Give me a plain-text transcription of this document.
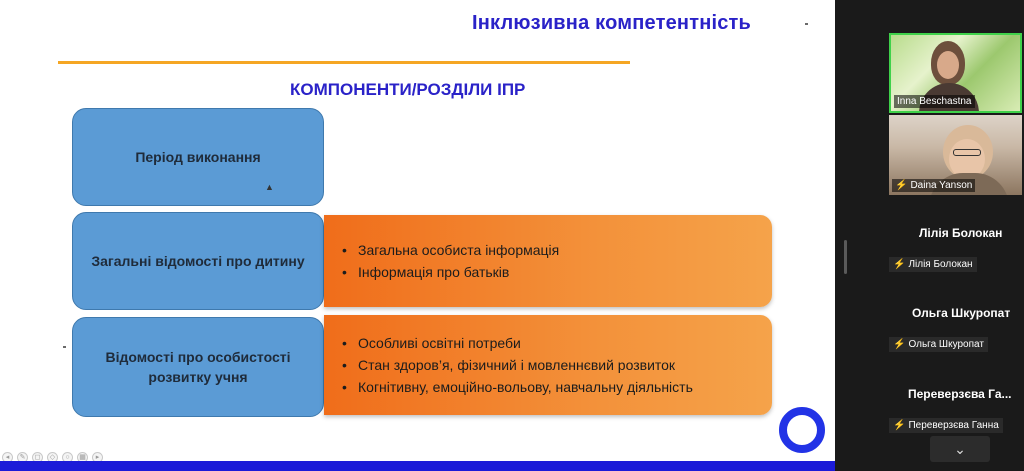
Інклюзивна компетентність
КОМПОНЕНТИ/РОЗДІЛИ ІПР
Період виконання
▲
Загальні відомості про дитину
• Загальна особиста інформація
• Інформація про батьків
Відомості про особистості розвитку учня
• Особливі освітні потреби
• Стан здоров’я, фізичний і мовленнєвий розвиток
• Когнітивну, емоційно-вольову, навчальну діяльність
◂	✎	◻	◇	○	▦	▸
Inna Beschastna
⚡ Daina Yanson
Лілія Болокан
⚡ Лілія Болокан
Ольга Шкуропат
⚡ Ольга Шкуропат
Переверзєва Га...
⚡ Переверзєва Ганна
⌄
